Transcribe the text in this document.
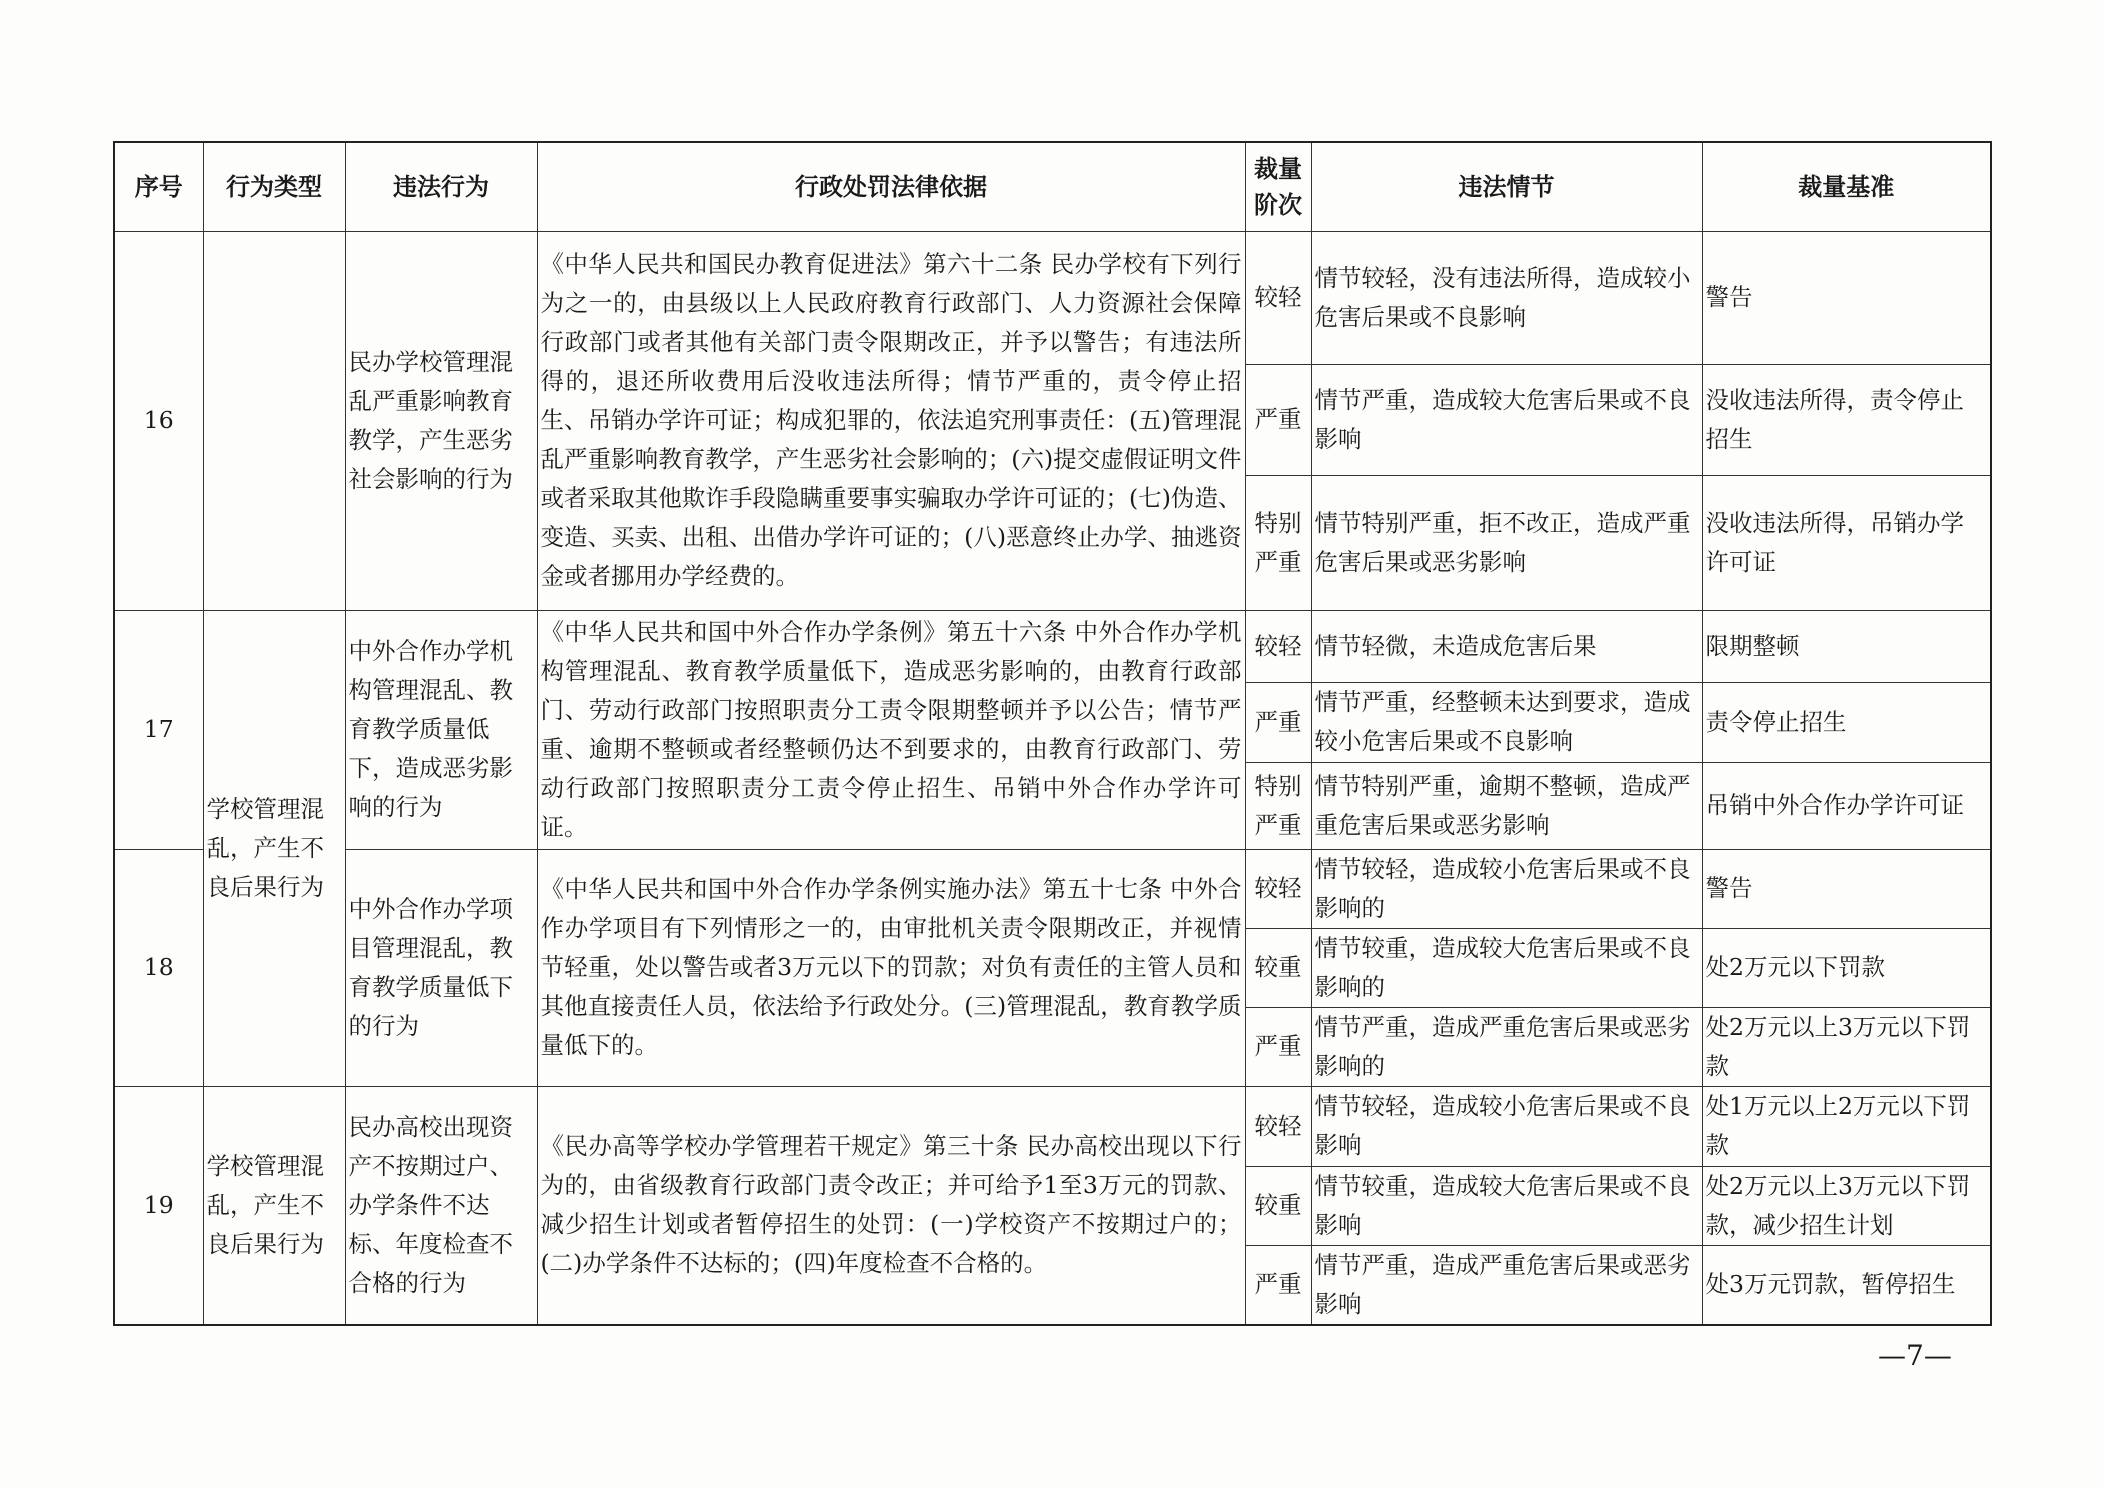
序号	行为类型	违法行为	行政处罚法律依据	裁量阶次	违法情节	裁量基准
16		民办学校管理混乱严重影响教育教学，产生恶劣社会影响的行为	《中华人民共和国民办教育促进法》第六十二条 民办学校有下列行为之一的，由县级以上人民政府教育行政部门、人力资源社会保障行政部门或者其他有关部门责令限期改正，并予以警告；有违法所得的，退还所收费用后没收违法所得；情节严重的，责令停止招生、吊销办学许可证；构成犯罪的，依法追究刑事责任：(五)管理混乱严重影响教育教学，产生恶劣社会影响的；(六)提交虚假证明文件或者采取其他欺诈手段隐瞒重要事实骗取办学许可证的；(七)伪造、变造、买卖、出租、出借办学许可证的；(八)恶意终止办学、抽逃资金或者挪用办学经费的。	较轻	情节较轻，没有违法所得，造成较小危害后果或不良影响	警告
				严重	情节严重，造成较大危害后果或不良影响	没收违法所得，责令停止招生
				特别严重	情节特别严重，拒不改正，造成严重危害后果或恶劣影响	没收违法所得，吊销办学许可证
17	学校管理混乱，产生不良后果行为	中外合作办学机构管理混乱、教育教学质量低下，造成恶劣影响的行为	《中华人民共和国中外合作办学条例》第五十六条 中外合作办学机构管理混乱、教育教学质量低下，造成恶劣影响的，由教育行政部门、劳动行政部门按照职责分工责令限期整顿并予以公告；情节严重、逾期不整顿或者经整顿仍达不到要求的，由教育行政部门、劳动行政部门按照职责分工责令停止招生、吊销中外合作办学许可证。	较轻	情节轻微，未造成危害后果	限期整顿
				严重	情节严重，经整顿未达到要求，造成较小危害后果或不良影响	责令停止招生
				特别严重	情节特别严重，逾期不整顿，造成严重危害后果或恶劣影响	吊销中外合作办学许可证
18		中外合作办学项目管理混乱，教育教学质量低下的行为	《中华人民共和国中外合作办学条例实施办法》第五十七条 中外合作办学项目有下列情形之一的，由审批机关责令限期改正，并视情节轻重，处以警告或者3万元以下的罚款；对负有责任的主管人员和其他直接责任人员，依法给予行政处分。(三)管理混乱，教育教学质量低下的。	较轻	情节较轻，造成较小危害后果或不良影响的	警告
				较重	情节较重，造成较大危害后果或不良影响的	处2万元以下罚款
				严重	情节严重，造成严重危害后果或恶劣影响的	处2万元以上3万元以下罚款
19	学校管理混乱，产生不良后果行为	民办高校出现资产不按期过户、办学条件不达标、年度检查不合格的行为	《民办高等学校办学管理若干规定》第三十条 民办高校出现以下行为的，由省级教育行政部门责令改正；并可给予1至3万元的罚款、减少招生计划或者暂停招生的处罚：(一)学校资产不按期过户的；(二)办学条件不达标的；(四)年度检查不合格的。	较轻	情节较轻，造成较小危害后果或不良影响	处1万元以上2万元以下罚款
				较重	情节较重，造成较大危害后果或不良影响	处2万元以上3万元以下罚款，减少招生计划
				严重	情节严重，造成严重危害后果或恶劣影响	处3万元罚款，暂停招生
—7—
